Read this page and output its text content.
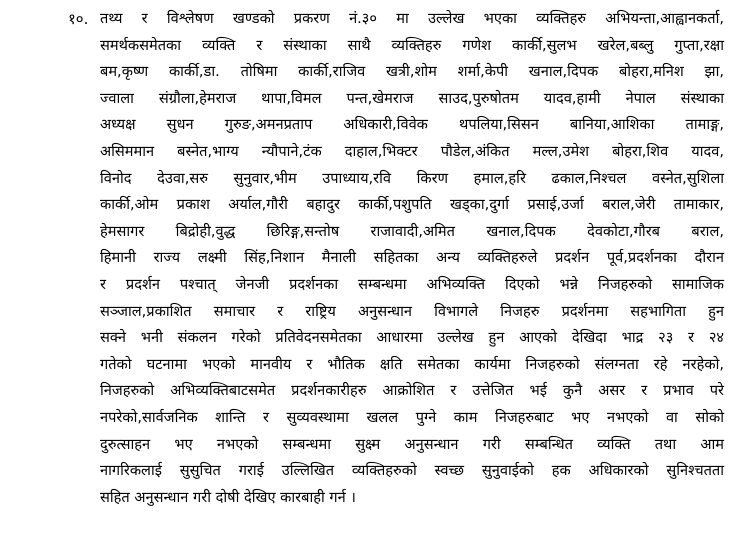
१०. तथ्य र विश्लेषण खण्डको प्रकरण नं.३० मा उल्लेख भएका व्यक्तिहरु अभियन्ता,आह्वानकर्ता,
समर्थकसमेतका व्यक्ति र संस्थाका साथै व्यक्तिहरु गणेश कार्की,सुलभ खरेल,बब्लु गुप्ता,रक्षा
बम,कृष्ण कार्की,डा. तोषिमा कार्की,राजिव खत्री,शोम शर्मा,केपी खनाल,दिपक बोहरा,मनिश झा,
ज्वाला संग्रौला,हेमराज थापा,विमल पन्त,खेमराज साउद,पुरुषोतम यादव,हामी नेपाल संस्थाका
अध्यक्ष सुधन गुरुङ,अमनप्रताप अधिकारी,विवेक थपलिया,सिसन बानिया,आशिका तामाङ्ग,
असिममान बस्नेत,भाग्य न्यौपाने,टंक दाहाल,भिक्टर पौडेल,अंकित मल्ल,उमेश बोहरा,शिव यादव,
विनोद देउवा,सरु सुनुवार,भीम उपाध्याय,रवि किरण हमाल,हरि ढकाल,निश्चल वस्नेत,सुशिला
कार्की,ओम प्रकाश अर्याल,गौरी बहादुर कार्की,पशुपति खड्का,दुर्गा प्रसाई,उर्जा बराल,जेरी तामाकार,
हेमसागर बिद्रोही,वुद्ध छिरिङ्ग,सन्तोष राजावादी,अमित खनाल,दिपक देवकोटा,गौरब बराल,
हिमानी राज्य लक्ष्मी सिंह,निशान मैनाली सहितका अन्य व्यक्तिहरुले प्रदर्शन पूर्व,प्रदर्शनका दौरान
र प्रदर्शन पश्चात् जेनजी प्रदर्शनका सम्बन्धमा अभिव्यक्ति दिएको भन्ने निजहरुको सामाजिक
सञ्जाल,प्रकाशित समाचार र राष्ट्रिय अनुसन्धान विभागले निजहरु प्रदर्शनमा सहभागिता हुन
सक्ने भनी संकलन गरेको प्रतिवेदनसमेतका आधारमा उल्लेख हुन आएको देखिदा भाद्र २३ र २४
गतेको घटनामा भएको मानवीय र भौतिक क्षति समेतका कार्यमा निजहरुको संलग्नता रहे नरहेको,
निजहरुको अभिव्यक्तिबाटसमेत प्रदर्शनकारीहरु आक्रोशित र उत्तेजित भई कुनै असर र प्रभाव परे
नपरेको,सार्वजनिक शान्ति र सुव्यवस्थामा खलल पुग्ने काम निजहरुबाट भए नभएको वा सोको
दुरुत्साहन भए नभएको सम्बन्धमा सुक्ष्म अनुसन्धान गरी सम्बन्धित व्यक्ति तथा आम
नागरिकलाई सुसुचित गराई उल्लिखित व्यक्तिहरुको स्वच्छ सुनुवाईको हक अधिकारको सुनिश्चतता
सहित अनुसन्धान गरी दोषी देखिए कारबाही गर्न ।
